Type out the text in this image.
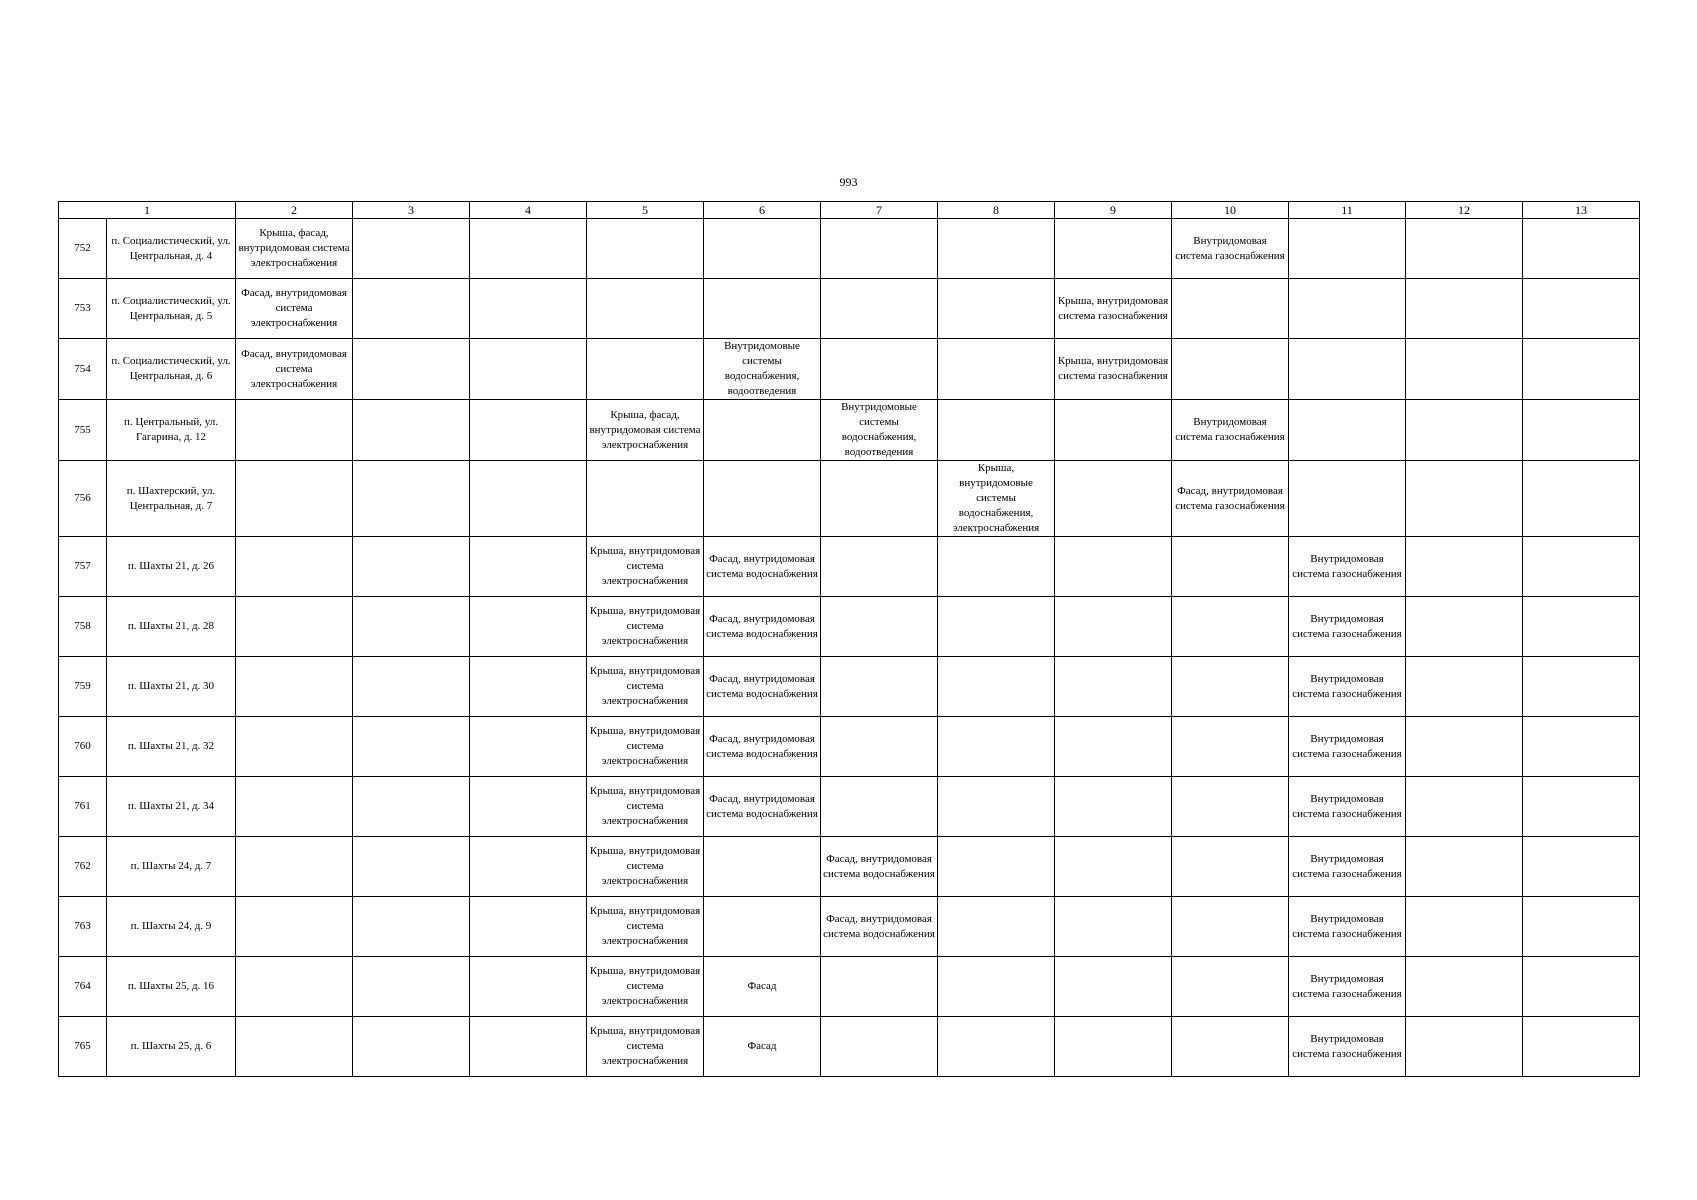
993
1		2	3	4	5	6	7	8	9	10	11	12	13
752	п. Социалистический, ул. Центральная, д. 4	Крыша, фасад, внутридомовая система электроснабжения								Внутридомовая система газоснабжения			

753	п. Социалистический, ул. Центральная, д. 5	Фасад, внутридомовая система электроснабжения							Крыша, внутридомовая система газоснабжения				

754	п. Социалистический, ул. Центральная, д. 6	Фасад, внутридомовая система электроснабжения				Внутридомовые системы водоснабжения, водоотведения			Крыша, внутридомовая система газоснабжения				

755	п. Центральный, ул. Гагарина, д. 12				Крыша, фасад, внутридомовая система электроснабжения		Внутридомовые системы водоснабжения, водоотведения			Внутридомовая система газоснабжения			

756	п. Шахтерский, ул. Центральная, д. 7							Крыша, внутридомовые системы водоснабжения, электроснабжения		Фасад, внутридомовая система газоснабжения			

757	п. Шахты 21, д. 26				Крыша, внутридомовая система электроснабжения	Фасад, внутридомовая система водоснабжения					Внутридомовая система газоснабжения		

758	п. Шахты 21, д. 28				Крыша, внутридомовая система электроснабжения	Фасад, внутридомовая система водоснабжения					Внутридомовая система газоснабжения		

759	п. Шахты 21, д. 30				Крыша, внутридомовая система электроснабжения	Фасад, внутридомовая система водоснабжения					Внутридомовая система газоснабжения		

760	п. Шахты 21, д. 32				Крыша, внутридомовая система электроснабжения	Фасад, внутридомовая система водоснабжения					Внутридомовая система газоснабжения		

761	п. Шахты 21, д. 34				Крыша, внутридомовая система электроснабжения	Фасад, внутридомовая система водоснабжения					Внутридомовая система газоснабжения		

762	п. Шахты 24, д. 7				Крыша, внутридомовая система электроснабжения		Фасад, внутридомовая система водоснабжения				Внутридомовая система газоснабжения		

763	п. Шахты 24, д. 9				Крыша, внутридомовая система электроснабжения		Фасад, внутридомовая система водоснабжения				Внутридомовая система газоснабжения		

764	п. Шахты 25, д. 16				Крыша, внутридомовая система электроснабжения	Фасад					Внутридомовая система газоснабжения		

765	п. Шахты 25, д. 6				Крыша, внутридомовая система электроснабжения	Фасад					Внутридомовая система газоснабжения		
